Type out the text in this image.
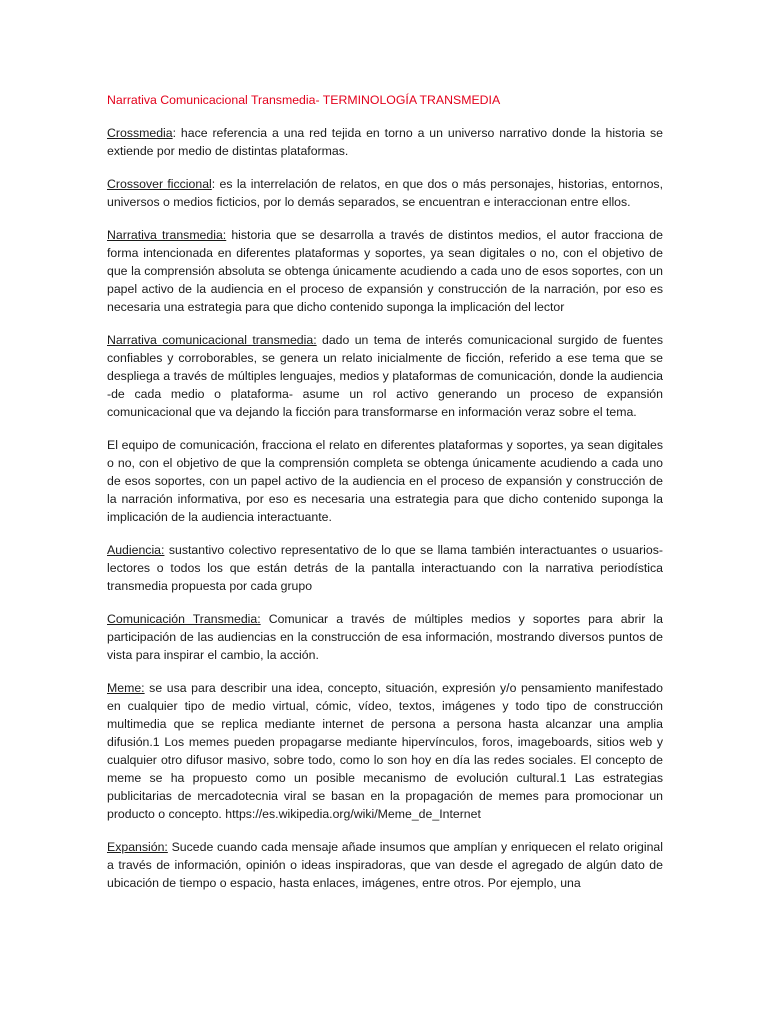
Narrativa Comunicacional Transmedia- TERMINOLOGÍA TRANSMEDIA

Crossmedia: hace referencia a una red tejida en torno a un universo narrativo donde la historia se extiende por medio de distintas plataformas.

Crossover ficcional: es la interrelación de relatos, en que dos o más personajes, historias, entornos, universos o medios ficticios, por lo demás separados, se encuentran e interaccionan entre ellos.

Narrativa transmedia: historia que se desarrolla a través de distintos medios, el autor fracciona de forma intencionada en diferentes plataformas y soportes, ya sean digitales o no, con el objetivo de que la comprensión absoluta se obtenga únicamente acudiendo a cada uno de esos soportes, con un papel activo de la audiencia en el proceso de expansión y construcción de la narración, por eso es necesaria una estrategia para que dicho contenido suponga la implicación del lector

Narrativa comunicacional transmedia: dado un tema de interés comunicacional surgido de fuentes confiables y corroborables, se genera un relato inicialmente de ficción, referido a ese tema que se despliega a través de múltiples lenguajes, medios y plataformas de comunicación, donde la audiencia -de cada medio o plataforma- asume un rol activo generando un proceso de expansión comunicacional que va dejando la ficción para transformarse en información veraz sobre el tema.

El equipo de comunicación, fracciona el relato en diferentes plataformas y soportes, ya sean digitales o no, con el objetivo de que la comprensión completa se obtenga únicamente acudiendo a cada uno de esos soportes, con un papel activo de la audiencia en el proceso de expansión y construcción de la narración informativa, por eso es necesaria una estrategia para que dicho contenido suponga la implicación de la audiencia interactuante.

Audiencia: sustantivo colectivo representativo de lo que se llama también interactuantes o usuarios-lectores o todos los que están detrás de la pantalla interactuando con la narrativa periodística transmedia propuesta por cada grupo

Comunicación Transmedia: Comunicar a través de múltiples medios y soportes para abrir la participación de las audiencias en la construcción de esa información, mostrando diversos puntos de vista para inspirar el cambio, la acción.

Meme: se usa para describir una idea, concepto, situación, expresión y/o pensamiento manifestado en cualquier tipo de medio virtual, cómic, vídeo, textos, imágenes y todo tipo de construcción multimedia que se replica mediante internet de persona a persona hasta alcanzar una amplia difusión.1 Los memes pueden propagarse mediante hipervínculos, foros, imageboards, sitios web y cualquier otro difusor masivo, sobre todo, como lo son hoy en día las redes sociales. El concepto de meme se ha propuesto como un posible mecanismo de evolución cultural.1 Las estrategias publicitarias de mercadotecnia viral se basan en la propagación de memes para promocionar un producto o concepto. https://es.wikipedia.org/wiki/Meme_de_Internet

Expansión: Sucede cuando cada mensaje añade insumos que amplían y enriquecen el relato original a través de información, opinión o ideas inspiradoras, que van desde el agregado de algún dato de ubicación de tiempo o espacio, hasta enlaces, imágenes, entre otros. Por ejemplo, una
